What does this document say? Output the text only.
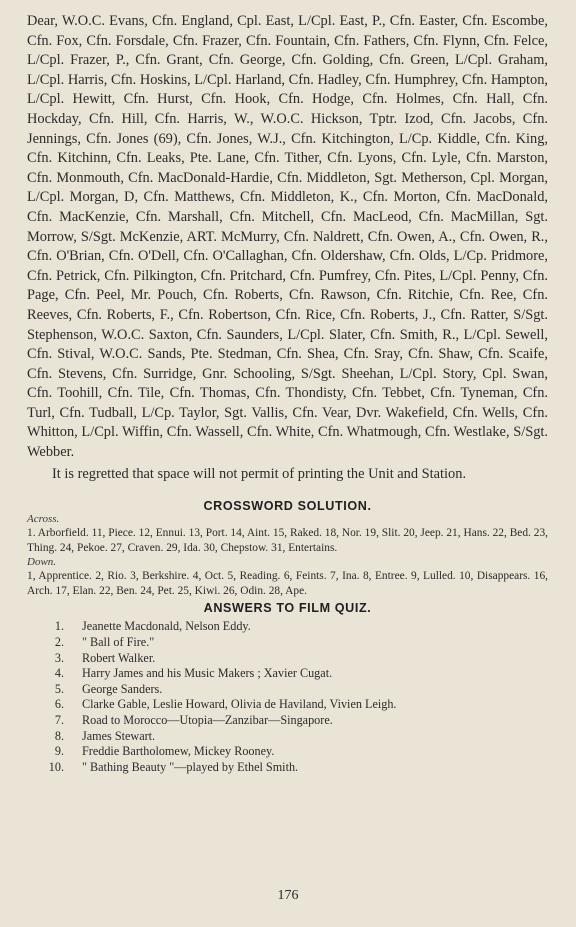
Dear, W.O.C. Evans, Cfn. England, Cpl. East, L/Cpl. East, P., Cfn. Easter, Cfn. Escombe, Cfn. Fox, Cfn. Forsdale, Cfn. Frazer, Cfn. Fountain, Cfn. Fathers, Cfn. Flynn, Cfn. Felce, L/Cpl. Frazer, P., Cfn. Grant, Cfn. George, Cfn. Golding, Cfn. Green, L/Cpl. Graham, L/Cpl. Harris, Cfn. Hoskins, L/Cpl. Harland, Cfn. Hadley, Cfn. Humphrey, Cfn. Hampton, L/Cpl. Hewitt, Cfn. Hurst, Cfn. Hook, Cfn. Hodge, Cfn. Holmes, Cfn. Hall, Cfn. Hockday, Cfn. Hill, Cfn. Harris, W., W.O.C. Hickson, Tptr. Izod, Cfn. Jacobs, Cfn. Jennings, Cfn. Jones (69), Cfn. Jones, W.J., Cfn. Kitchington, L/Cp. Kiddle, Cfn. King, Cfn. Kitchinn, Cfn. Leaks, Pte. Lane, Cfn. Tither, Cfn. Lyons, Cfn. Lyle, Cfn. Marston, Cfn. Monmouth, Cfn. MacDonald-Hardie, Cfn. Middleton, Sgt. Metherson, Cpl. Morgan, L/Cpl. Morgan, D, Cfn. Matthews, Cfn. Middleton, K., Cfn. Morton, Cfn. MacDonald, Cfn. MacKenzie, Cfn. Marshall, Cfn. Mitchell, Cfn. MacLeod, Cfn. MacMillan, Sgt. Morrow, S/Sgt. McKenzie, ART. McMurry, Cfn. Naldrett, Cfn. Owen, A., Cfn. Owen, R., Cfn. O'Brian, Cfn. O'Dell, Cfn. O'Callaghan, Cfn. Oldershaw, Cfn. Olds, L/Cp. Pridmore, Cfn. Petrick, Cfn. Pilkington, Cfn. Pritchard, Cfn. Pumfrey, Cfn. Pites, L/Cpl. Penny, Cfn. Page, Cfn. Peel, Mr. Pouch, Cfn. Roberts, Cfn. Rawson, Cfn. Ritchie, Cfn. Ree, Cfn. Reeves, Cfn. Roberts, F., Cfn. Robertson, Cfn. Rice, Cfn. Roberts, J., Cfn. Ratter, S/Sgt. Stephenson, W.O.C. Saxton, Cfn. Saunders, L/Cpl. Slater, Cfn. Smith, R., L/Cpl. Sewell, Cfn. Stival, W.O.C. Sands, Pte. Stedman, Cfn. Shea, Cfn. Sray, Cfn. Shaw, Cfn. Scaife, Cfn. Stevens, Cfn. Surridge, Gnr. Schooling, S/Sgt. Sheehan, L/Cpl. Story, Cpl. Swan, Cfn. Toohill, Cfn. Tile, Cfn. Thomas, Cfn. Thondisty, Cfn. Tebbet, Cfn. Tyneman, Cfn. Turl, Cfn. Tudball, L/Cp. Taylor, Sgt. Vallis, Cfn. Vear, Dvr. Wakefield, Cfn. Wells, Cfn. Whitton, L/Cpl. Wiffin, Cfn. Wassell, Cfn. White, Cfn. Whatmough, Cfn. Westlake, S/Sgt. Webber.

It is regretted that space will not permit of printing the Unit and Station.

CROSSWORD SOLUTION.

Across.

1. Arborfield. 11, Piece. 12, Ennui. 13, Port. 14, Aint. 15, Raked. 18, Nor. 19, Slit. 20, Jeep. 21, Hans. 22, Bed. 23, Thing. 24, Pekoe. 27, Craven. 29, Ida. 30, Chepstow. 31, Entertains.

Down.

1, Apprentice. 2, Rio. 3, Berkshire. 4, Oct. 5, Reading. 6, Feints. 7, Ina. 8, Entree. 9, Lulled. 10, Disappears. 16, Arch. 17, Elan. 22, Ben. 24, Pet. 25, Kiwi. 26, Odin. 28, Ape.

ANSWERS TO FILM QUIZ.

1.	Jeanette Macdonald, Nelson Eddy.
2.	" Ball of Fire."
3.	Robert Walker.
4.	Harry James and his Music Makers ; Xavier Cugat.
5.	George Sanders.
6.	Clarke Gable, Leslie Howard, Olivia de Haviland, Vivien Leigh.
7.	Road to Morocco—Utopia—Zanzibar—Singapore.
8.	James Stewart.
9.	Freddie Bartholomew, Mickey Rooney.
10.	" Bathing Beauty "—played by Ethel Smith.

176
